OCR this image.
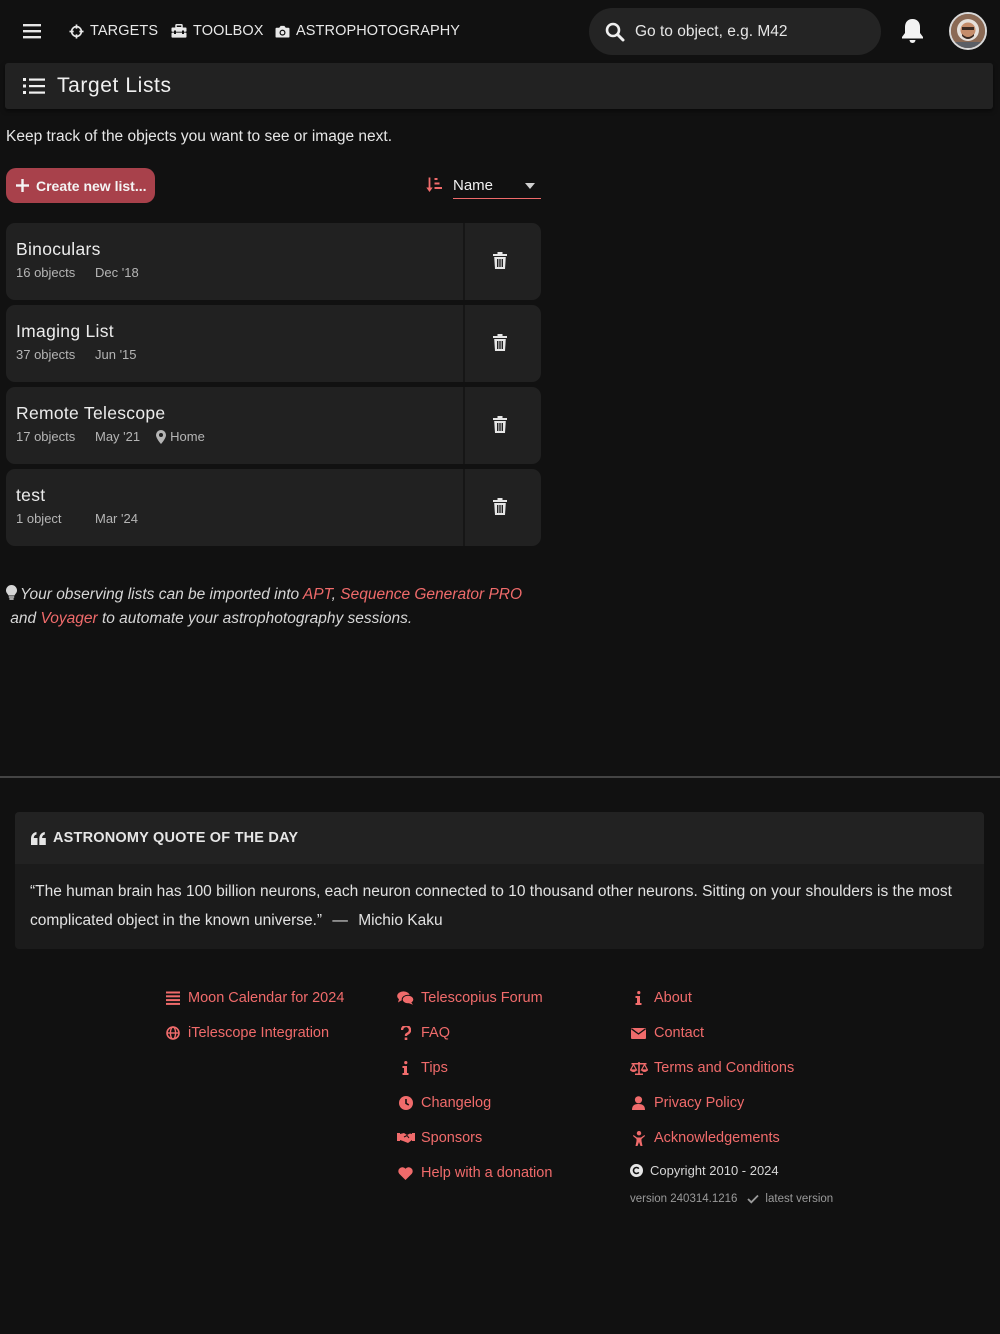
TARGETS TOOLBOX ASTROPHOTOGRAPHY
Go to object, e.g. M42
Target Lists
Keep track of the objects you want to see or image next.
Create new list...	Name
Binoculars
16 objects	Dec '18
Imaging List
37 objects	Jun '15
Remote Telescope
17 objects	May '21 Home
test
1 object	Mar '24
Your observing lists can be imported into APT, Sequence Generator PRO
and Voyager to automate your astrophotography sessions.
ASTRONOMY QUOTE OF THE DAY
“The human brain has 100 billion neurons, each neuron connected to 10 thousand other neurons. Sitting on your shoulders is the most complicated object in the known universe.” — Michio Kaku
Moon Calendar for 2024
iTelescope Integration
Telescopius Forum
FAQ
Tips
Changelog
Sponsors
Help with a donation
About
Contact
Terms and Conditions
Privacy Policy
Acknowledgements
Copyright 2010 - 2024
version 240314.1216 latest version
